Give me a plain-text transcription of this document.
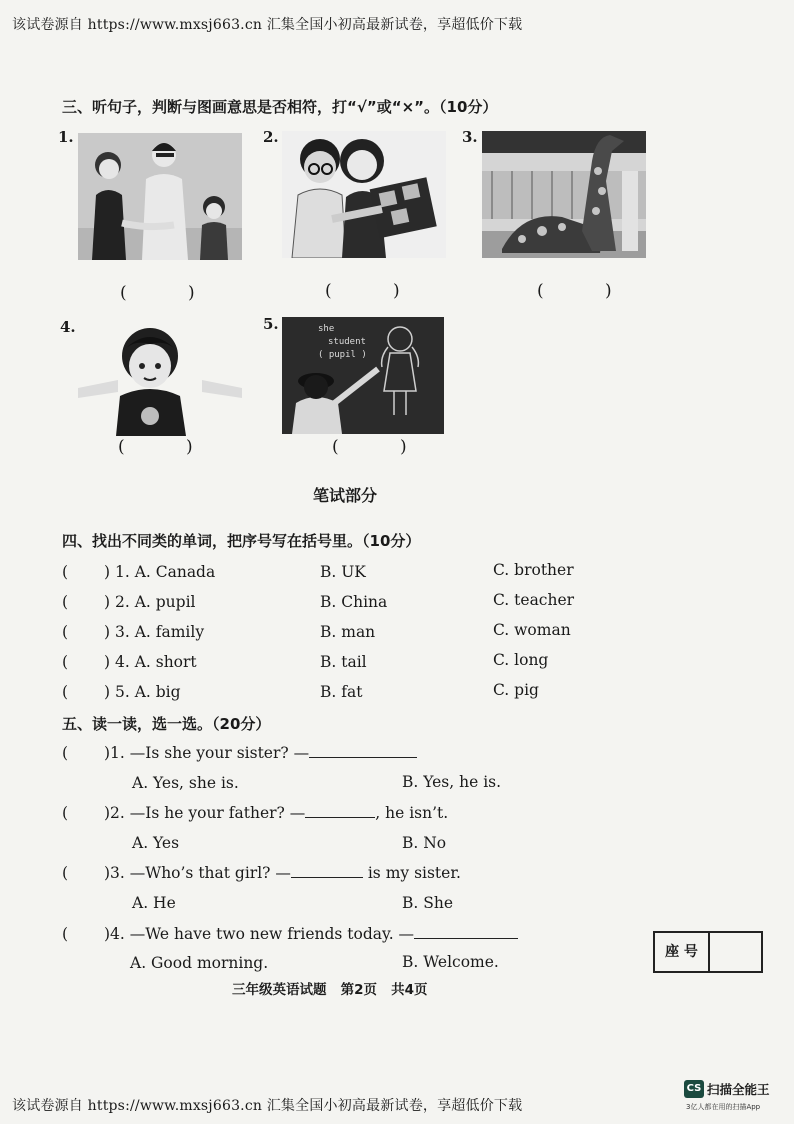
该试卷源自 https://www.mxsj663.cn 汇集全国小初高最新试卷，享超低价下载
三、听句子，判断与图画意思是否相符，打“√”或“×”。（10分）
1.
( )
2.
( )
3.
( )
4.
( )
5.	she
student
( pupil )
( )
笔试部分
四、找出不同类的单词，把序号写在括号里。（10分）
( ) 1. A. Canada	B. UK	C. brother
( ) 2. A. pupil	B. China	C. teacher
( ) 3. A. family	B. man	C. woman
( ) 4. A. short	B. tail	C. long
( ) 5. A. big	B. fat	C. pig
五、读一读，选一选。（20分）
( )1. —Is she your sister? —
A. Yes, she is.	B. Yes, he is.
( )2. —Is he your father? —	, he isn’t.
A. Yes	B. No
( )3. —Who’s that girl? —	is my sister.
A. He	B. She
( )4. —We have two new friends today. —
A. Good morning.	B. Welcome.
座 号
三年级英语试题   第2页   共4页
该试卷源自 https://www.mxsj663.cn 汇集全国小初高最新试卷，享超低价下载
CS 扫描全能王
3亿人都在用的扫描App
